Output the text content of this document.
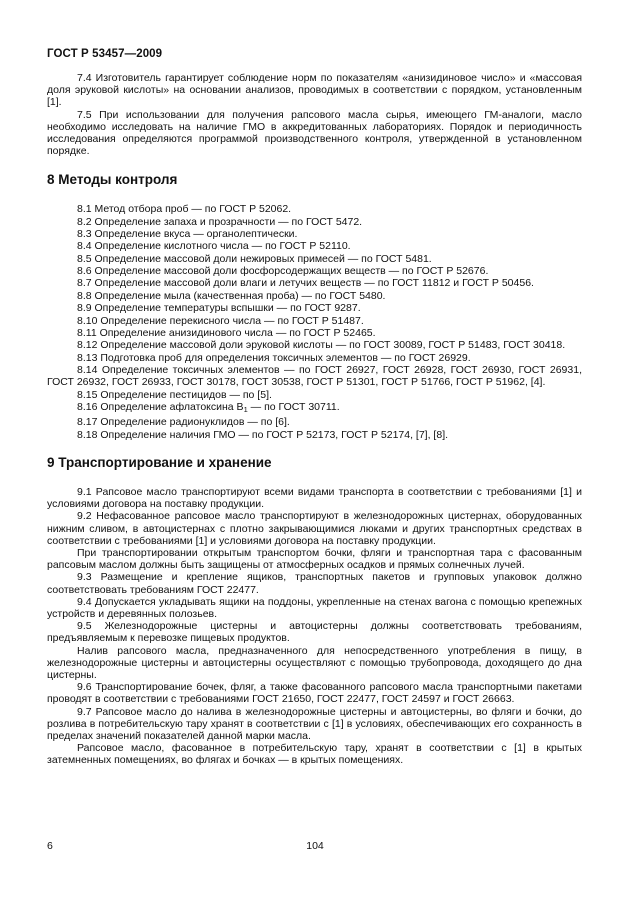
ГОСТ Р 53457—2009

7.4 Изготовитель гарантирует соблюдение норм по показателям «анизидиновое число» и «массовая доля эруковой кислоты» на основании анализов, проводимых в соответствии с порядком, установленным [1].

7.5 При использовании для получения рапсового масла сырья, имеющего ГМ-аналоги, масло необходимо исследовать на наличие ГМО в аккредитованных лабораториях. Порядок и периодичность исследования определяются программой производственного контроля, утвержденной в установленном порядке.

8 Методы контроля

8.1 Метод отбора проб — по ГОСТ Р 52062.

8.2 Определение запаха и прозрачности — по ГОСТ 5472.

8.3 Определение вкуса — органолептически.

8.4 Определение кислотного числа — по ГОСТ Р 52110.

8.5 Определение массовой доли нежировых примесей — по ГОСТ 5481.

8.6 Определение массовой доли фосфорсодержащих веществ — по ГОСТ Р 52676.

8.7 Определение массовой доли влаги и летучих веществ — по ГОСТ 11812 и ГОСТ Р 50456.

8.8 Определение мыла (качественная проба) — по ГОСТ 5480.

8.9 Определение температуры вспышки — по ГОСТ 9287.

8.10 Определение перекисного числа — по ГОСТ Р 51487.

8.11 Определение анизидинового числа — по ГОСТ Р 52465.

8.12 Определение массовой доли эруковой кислоты — по ГОСТ 30089, ГОСТ Р 51483, ГОСТ 30418.

8.13 Подготовка проб для определения токсичных элементов — по ГОСТ 26929.

8.14 Определение токсичных элементов — по ГОСТ 26927, ГОСТ 26928, ГОСТ 26930, ГОСТ 26931, ГОСТ 26932, ГОСТ 26933, ГОСТ 30178, ГОСТ 30538, ГОСТ Р 51301, ГОСТ Р 51766, ГОСТ Р 51962, [4].

8.15 Определение пестицидов — по [5].

8.16 Определение афлатоксина $В_1$ — по ГОСТ 30711.

8.17 Определение радионуклидов — по [6].

8.18 Определение наличия ГМО — по ГОСТ Р 52173, ГОСТ Р 52174, [7], [8].

9 Транспортирование и хранение

9.1 Рапсовое масло транспортируют всеми видами транспорта в соответствии с требованиями [1] и условиями договора на поставку продукции.

9.2 Нефасованное рапсовое масло транспортируют в железнодорожных цистернах, оборудованных нижним сливом, в автоцистернах с плотно закрывающимися люками и других транспортных средствах в соответствии с требованиями [1] и условиями договора на поставку продукции.

При транспортировании открытым транспортом бочки, фляги и транспортная тара с фасованным рапсовым маслом должны быть защищены от атмосферных осадков и прямых солнечных лучей.

9.3 Размещение и крепление ящиков, транспортных пакетов и групповых упаковок должно соответствовать требованиям ГОСТ 22477.

9.4 Допускается укладывать ящики на поддоны, укрепленные на стенах вагона с помощью крепежных устройств и деревянных полозьев.

9.5 Железнодорожные цистерны и автоцистерны должны соответствовать требованиям, предъявляемым к перевозке пищевых продуктов.

Налив рапсового масла, предназначенного для непосредственного употребления в пищу, в железнодорожные цистерны и автоцистерны осуществляют с помощью трубопровода, доходящего до дна цистерны.

9.6 Транспортирование бочек, фляг, а также фасованного рапсового масла транспортными пакетами проводят в соответствии с требованиями ГОСТ 21650, ГОСТ 22477, ГОСТ 24597 и ГОСТ 26663.

9.7 Рапсовое масло до налива в железнодорожные цистерны и автоцистерны, во фляги и бочки, до розлива в потребительскую тару хранят в соответствии с [1] в условиях, обеспечивающих его сохранность в пределах значений показателей данной марки масла.

Рапсовое масло, фасованное в потребительскую тару, хранят в соответствии с [1] в крытых затемненных помещениях, во флягах и бочках — в крытых помещениях.

6	104
